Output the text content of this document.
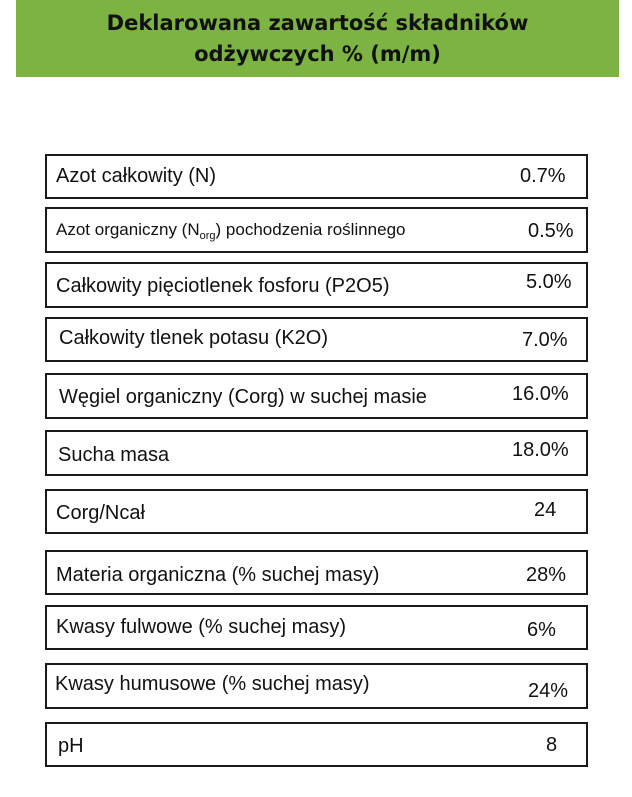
Deklarowana zawartość składników
odżywczych % (m/m)
Azot całkowity (N)	0.7%
Azot organiczny $(N_{org})$ pochodzenia roślinnego	0.5%
Całkowity pięciotlenek fosforu (P2O5)	5.0%
Całkowity tlenek potasu (K2O)	7.0%
Węgiel organiczny (Corg) w suchej masie	16.0%
Sucha masa	18.0%
Corg/Ncał	24
Materia organiczna (% suchej masy)	28%
Kwasy fulwowe (% suchej masy)	6%
Kwasy humusowe (% suchej masy)	24%
pH	8
